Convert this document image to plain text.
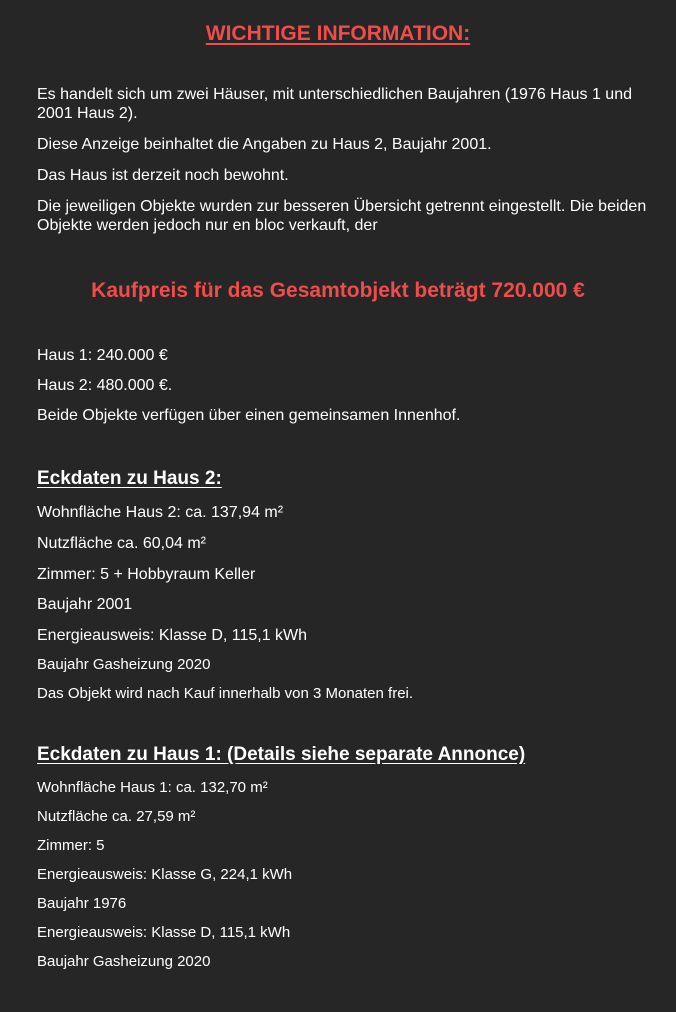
WICHTIGE INFORMATION:

Es handelt sich um zwei Häuser, mit unterschiedlichen Baujahren (1976 Haus 1 und 2001 Haus 2).

Diese Anzeige beinhaltet die Angaben zu Haus 2, Baujahr 2001.

Das Haus ist derzeit noch bewohnt.

Die jeweiligen Objekte wurden zur besseren Übersicht getrennt eingestellt. Die beiden Objekte werden jedoch nur en bloc verkauft, der

Kaufpreis für das Gesamtobjekt beträgt 720.000 €

Haus 1: 240.000 €

Haus 2: 480.000 €.

Beide Objekte verfügen über einen gemeinsamen Innenhof.

Eckdaten zu Haus 2:

Wohnfläche Haus 2: ca. 137,94 m²

Nutzfläche ca. 60,04 m²

Zimmer: 5 + Hobbyraum Keller

Baujahr 2001

Energieausweis: Klasse D, 115,1 kWh

Baujahr Gasheizung 2020

Das Objekt wird nach Kauf innerhalb von 3 Monaten frei.

Eckdaten zu Haus 1: (Details siehe separate Annonce)

Wohnfläche Haus 1: ca. 132,70 m²

Nutzfläche ca. 27,59 m²

Zimmer: 5

Energieausweis: Klasse G, 224,1 kWh

Baujahr 1976

Energieausweis: Klasse D, 115,1 kWh

Baujahr Gasheizung 2020
